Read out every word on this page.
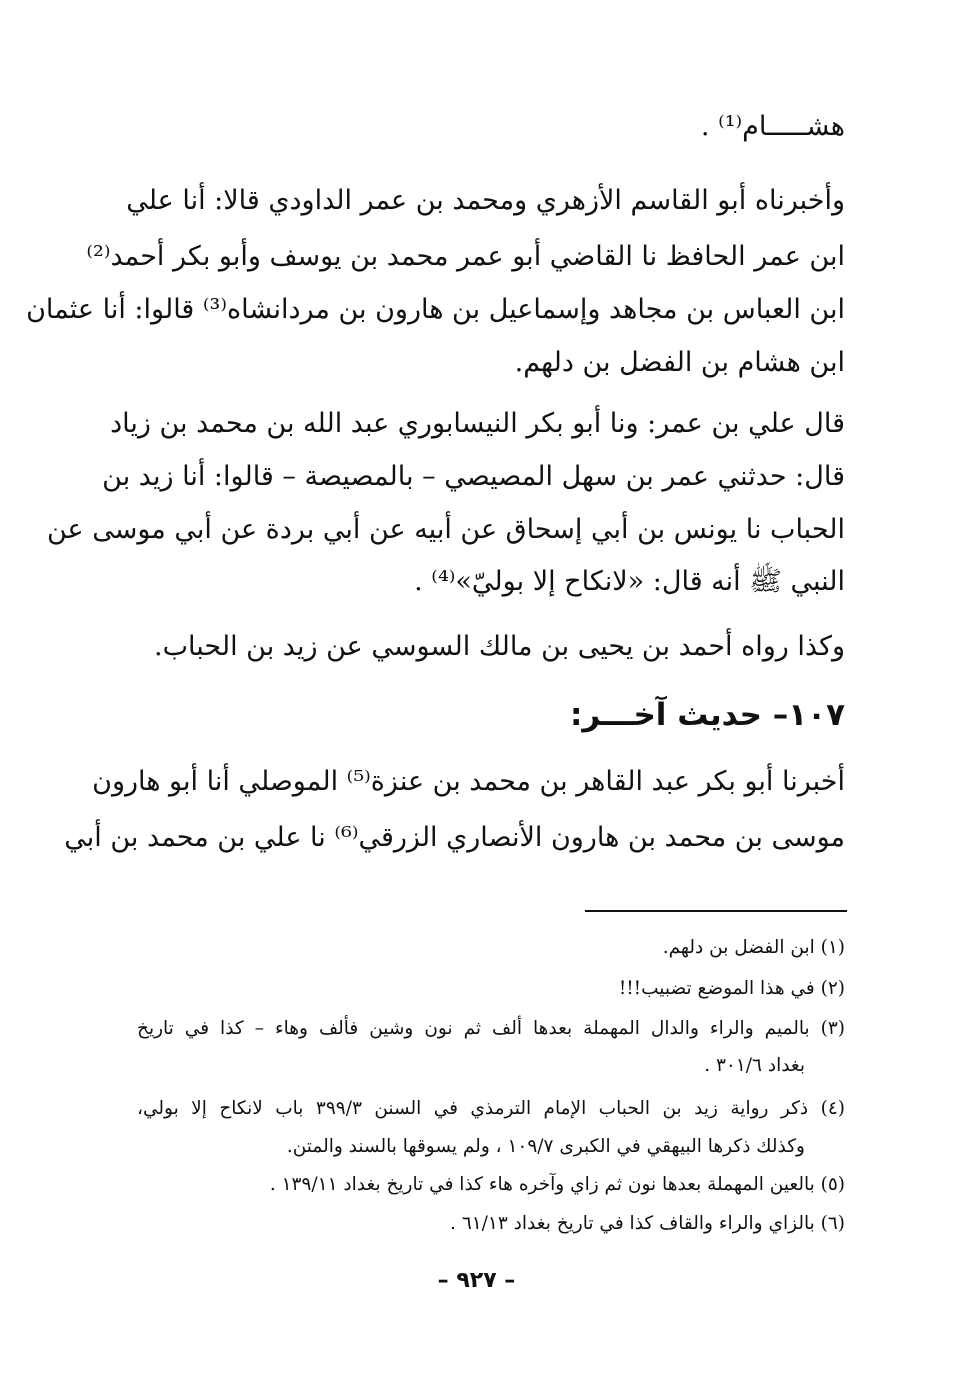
هشـــــام⁽¹⁾ .
وأخبرناه أبو القاسم الأزهري ومحمد بن عمر الداودي قالا: أنا علي
ابن عمر الحافظ نا القاضي أبو عمر محمد بن يوسف وأبو بكر أحمد⁽²⁾
ابن العباس بن مجاهد وإسماعيل بن هارون بن مردانشاه⁽³⁾ قالوا: أنا عثمان
ابن هشام بن الفضل بن دلهم.
قال علي بن عمر: ونا أبو بكر النيسابوري عبد الله بن محمد بن زياد
قال: حدثني عمر بن سهل المصيصي – بالمصيصة – قالوا: أنا زيد بن
الحباب نا يونس بن أبي إسحاق عن أبيه عن أبي بردة عن أبي موسى عن
النبي ﷺ أنه قال: «لانكاح إلا بوليّ»⁽⁴⁾ .
وكذا رواه أحمد بن يحيى بن مالك السوسي عن زيد بن الحباب.
١٠٧– حديث آخـــر:
أخبرنا أبو بكر عبد القاهر بن محمد بن عنزة⁽⁵⁾ الموصلي أنا أبو هارون
موسى بن محمد بن هارون الأنصاري الزرقي⁽⁶⁾ نا علي بن محمد بن أبي
(١) ابن الفضل بن دلهم.
(٢) في هذا الموضع تضبيب!!!
(٣) بالميم والراء والدال المهملة بعدها ألف ثم نون وشين فألف وهاء – كذا في تاريخ
بغداد ٣٠١/٦ .
(٤) ذكر رواية زيد بن الحباب الإمام الترمذي في السنن ٣٩٩/٣ باب لانكاح إلا بولي،
وكذلك ذكرها البيهقي في الكبرى ١٠٩/٧ ، ولم يسوقها بالسند والمتن.
(٥) بالعين المهملة بعدها نون ثم زاي وآخره هاء كذا في تاريخ بغداد ١٣٩/١١ .
(٦) بالزاي والراء والقاف كذا في تاريخ بغداد ٦١/١٣ .
– ٩٢٧ –
